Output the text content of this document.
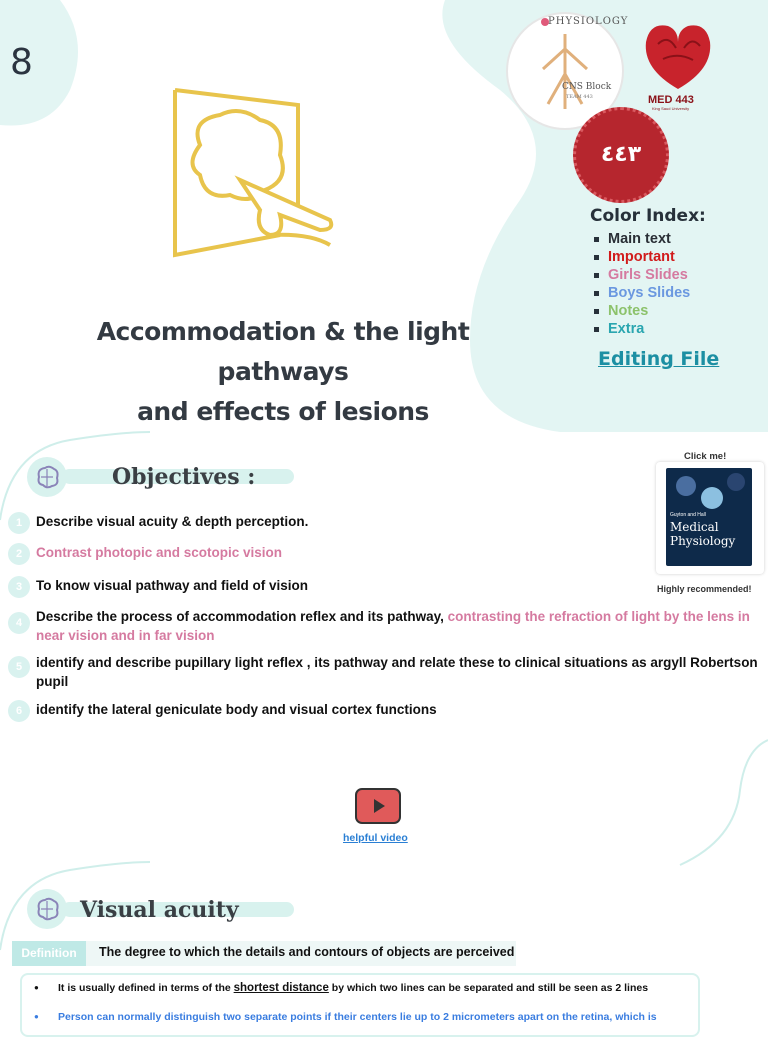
8
Accommodation & the light pathways
and effects of lesions
PHYSIOLOGY
CNS Block
TEAM 443	MED 443
King Saud University
٤٤٣
Color Index:
Main text
Important
Girls Slides
Boys Slides
Notes
Extra
Editing File
Objectives :
1	Describe visual acuity & depth perception.
2	Contrast photopic and scotopic vision
3	To know visual pathway and field of vision
4	Describe the process of accommodation reflex and its pathway, contrasting the refraction of light by the lens in near vision and in far vision
5	identify and describe pupillary light reflex , its pathway and relate these to clinical situations as argyll Robertson pupil
6	identify the lateral geniculate body and visual cortex functions
Click me!
Guyton and Hall
Medical
Physiology
Highly recommended!
helpful video
Visual acuity
Definition	The degree to which the details and contours of objects are perceived
● It is usually defined in terms of the shortest distance by which two lines can be separated and still be seen as 2 lines
● Person can normally distinguish two separate points if their centers lie up to 2 micrometers apart on the retina, which is
